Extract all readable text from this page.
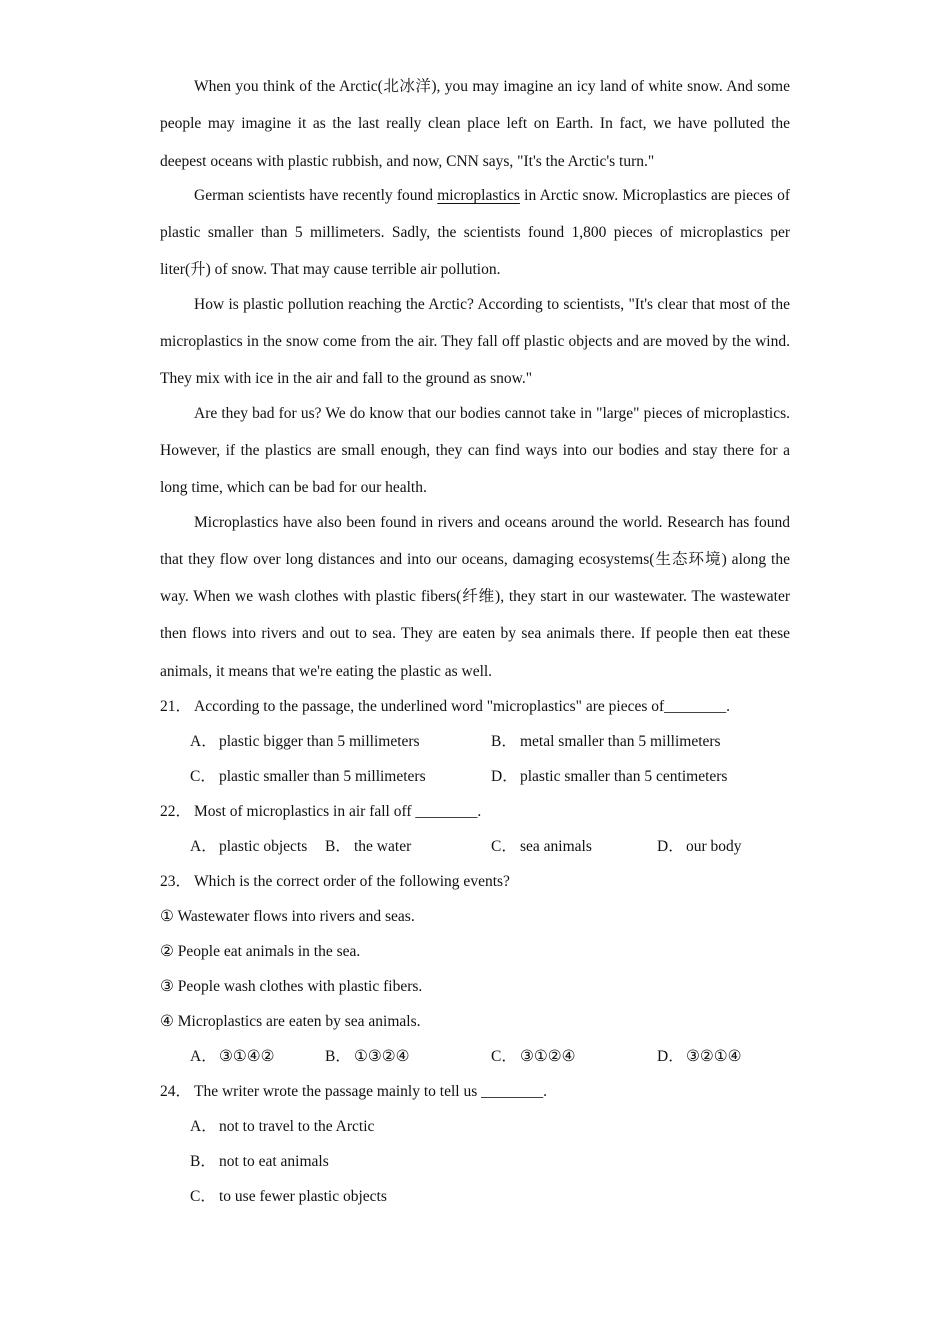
When you think of the Arctic(北冰洋), you may imagine an icy land of white snow. And some people may imagine it as the last really clean place left on Earth. In fact, we have polluted the deepest oceans with plastic rubbish, and now, CNN says, "It's the Arctic's turn."

German scientists have recently found microplastics in Arctic snow. Microplastics are pieces of plastic smaller than 5 millimeters. Sadly, the scientists found 1,800 pieces of microplastics per liter(升) of snow. That may cause terrible air pollution.

How is plastic pollution reaching the Arctic? According to scientists, "It's clear that most of the microplastics in the snow come from the air. They fall off plastic objects and are moved by the wind. They mix with ice in the air and fall to the ground as snow."

Are they bad for us? We do know that our bodies cannot take in "large" pieces of microplastics. However, if the plastics are small enough, they can find ways into our bodies and stay there for a long time, which can be bad for our health.

Microplastics have also been found in rivers and oceans around the world. Research has found that they flow over long distances and into our oceans, damaging ecosystems(生态环境) along the way. When we wash clothes with plastic fibers(纤维), they start in our wastewater. The wastewater then flows into rivers and out to sea. They are eaten by sea animals there. If people then eat these animals, it means that we're eating the plastic as well.

21． According to the passage, the underlined word "microplastics" are pieces of________.
A． plastic bigger than 5 millimeters	B． metal smaller than 5 millimeters
C． plastic smaller than 5 millimeters	D． plastic smaller than 5 centimeters
22． Most of microplastics in air fall off ________.
A． plastic objects B． the water	C． sea animals	D． our body
23． Which is the correct order of the following events?
① Wastewater flows into rivers and seas.
② People eat animals in the sea.
③ People wash clothes with plastic fibers.
④ Microplastics are eaten by sea animals.
A． ③①④②	B． ①③②④	C． ③①②④	D． ③②①④
24． The writer wrote the passage mainly to tell us ________.
A． not to travel to the Arctic
B． not to eat animals
C． to use fewer plastic objects
